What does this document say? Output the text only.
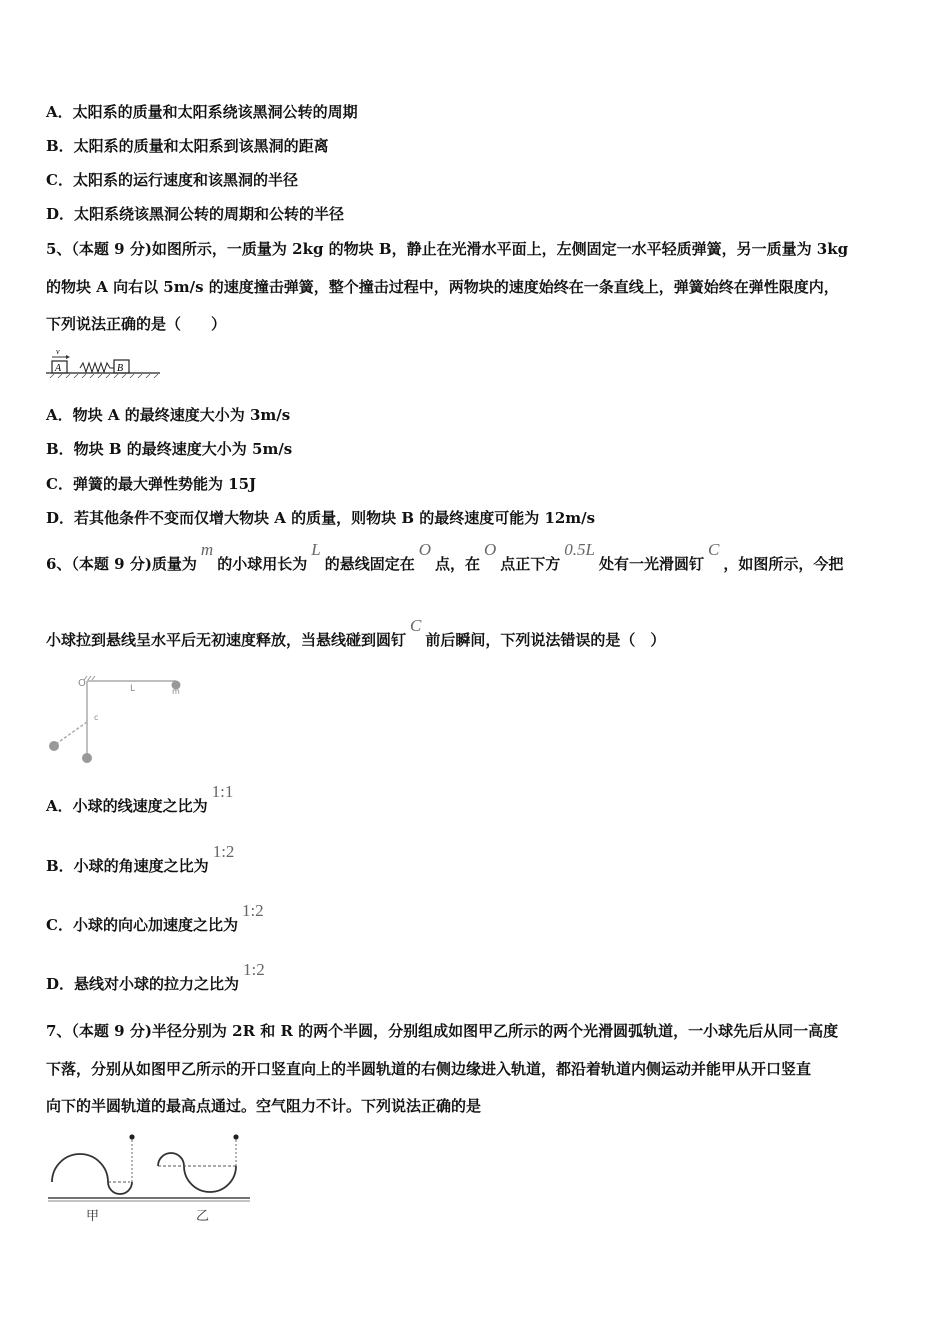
A．太阳系的质量和太阳系绕该黑洞公转的周期
B．太阳系的质量和太阳系到该黑洞的距离
C．太阳系的运行速度和该黑洞的半径
D．太阳系绕该黑洞公转的周期和公转的半径
5、（本题 9 分)如图所示，一质量为 2kg 的物块 B，静止在光滑水平面上，左侧固定一水平轻质弹簧，另一质量为 3kg
的物块 A 向右以 5m/s 的速度撞击弹簧，整个撞击过程中，两物块的速度始终在一条直线上，弹簧始终在弹性限度内，
下列说法正确的是（　　）
v
A	B
A．物块 A 的最终速度大小为 3m/s
B．物块 B 的最终速度大小为 5m/s
C．弹簧的最大弹性势能为 15J
D．若其他条件不变而仅增大物块 A 的质量，则物块 B 的最终速度可能为 12m/s
6、（本题 9 分)质量为m的小球用长为L的悬线固定在O点，在O点正下方0.5L处有一光滑圆钉C，如图所示，今把
小球拉到悬线呈水平后无初速度释放，当悬线碰到圆钉C前后瞬间，下列说法错误的是（　）
O	L	m
c
A．小球的线速度之比为1:1
B．小球的角速度之比为1:2
C．小球的向心加速度之比为1:2
D．悬线对小球的拉力之比为1:2
7、（本题 9 分)半径分别为 2R 和 R 的两个半圆，分别组成如图甲乙所示的两个光滑圆弧轨道，一小球先后从同一高度
下落，分别从如图甲乙所示的开口竖直向上的半圆轨道的右侧边缘进入轨道，都沿着轨道内侧运动并能甲从开口竖直
向下的半圆轨道的最高点通过。空气阻力不计。下列说法正确的是
甲	乙
